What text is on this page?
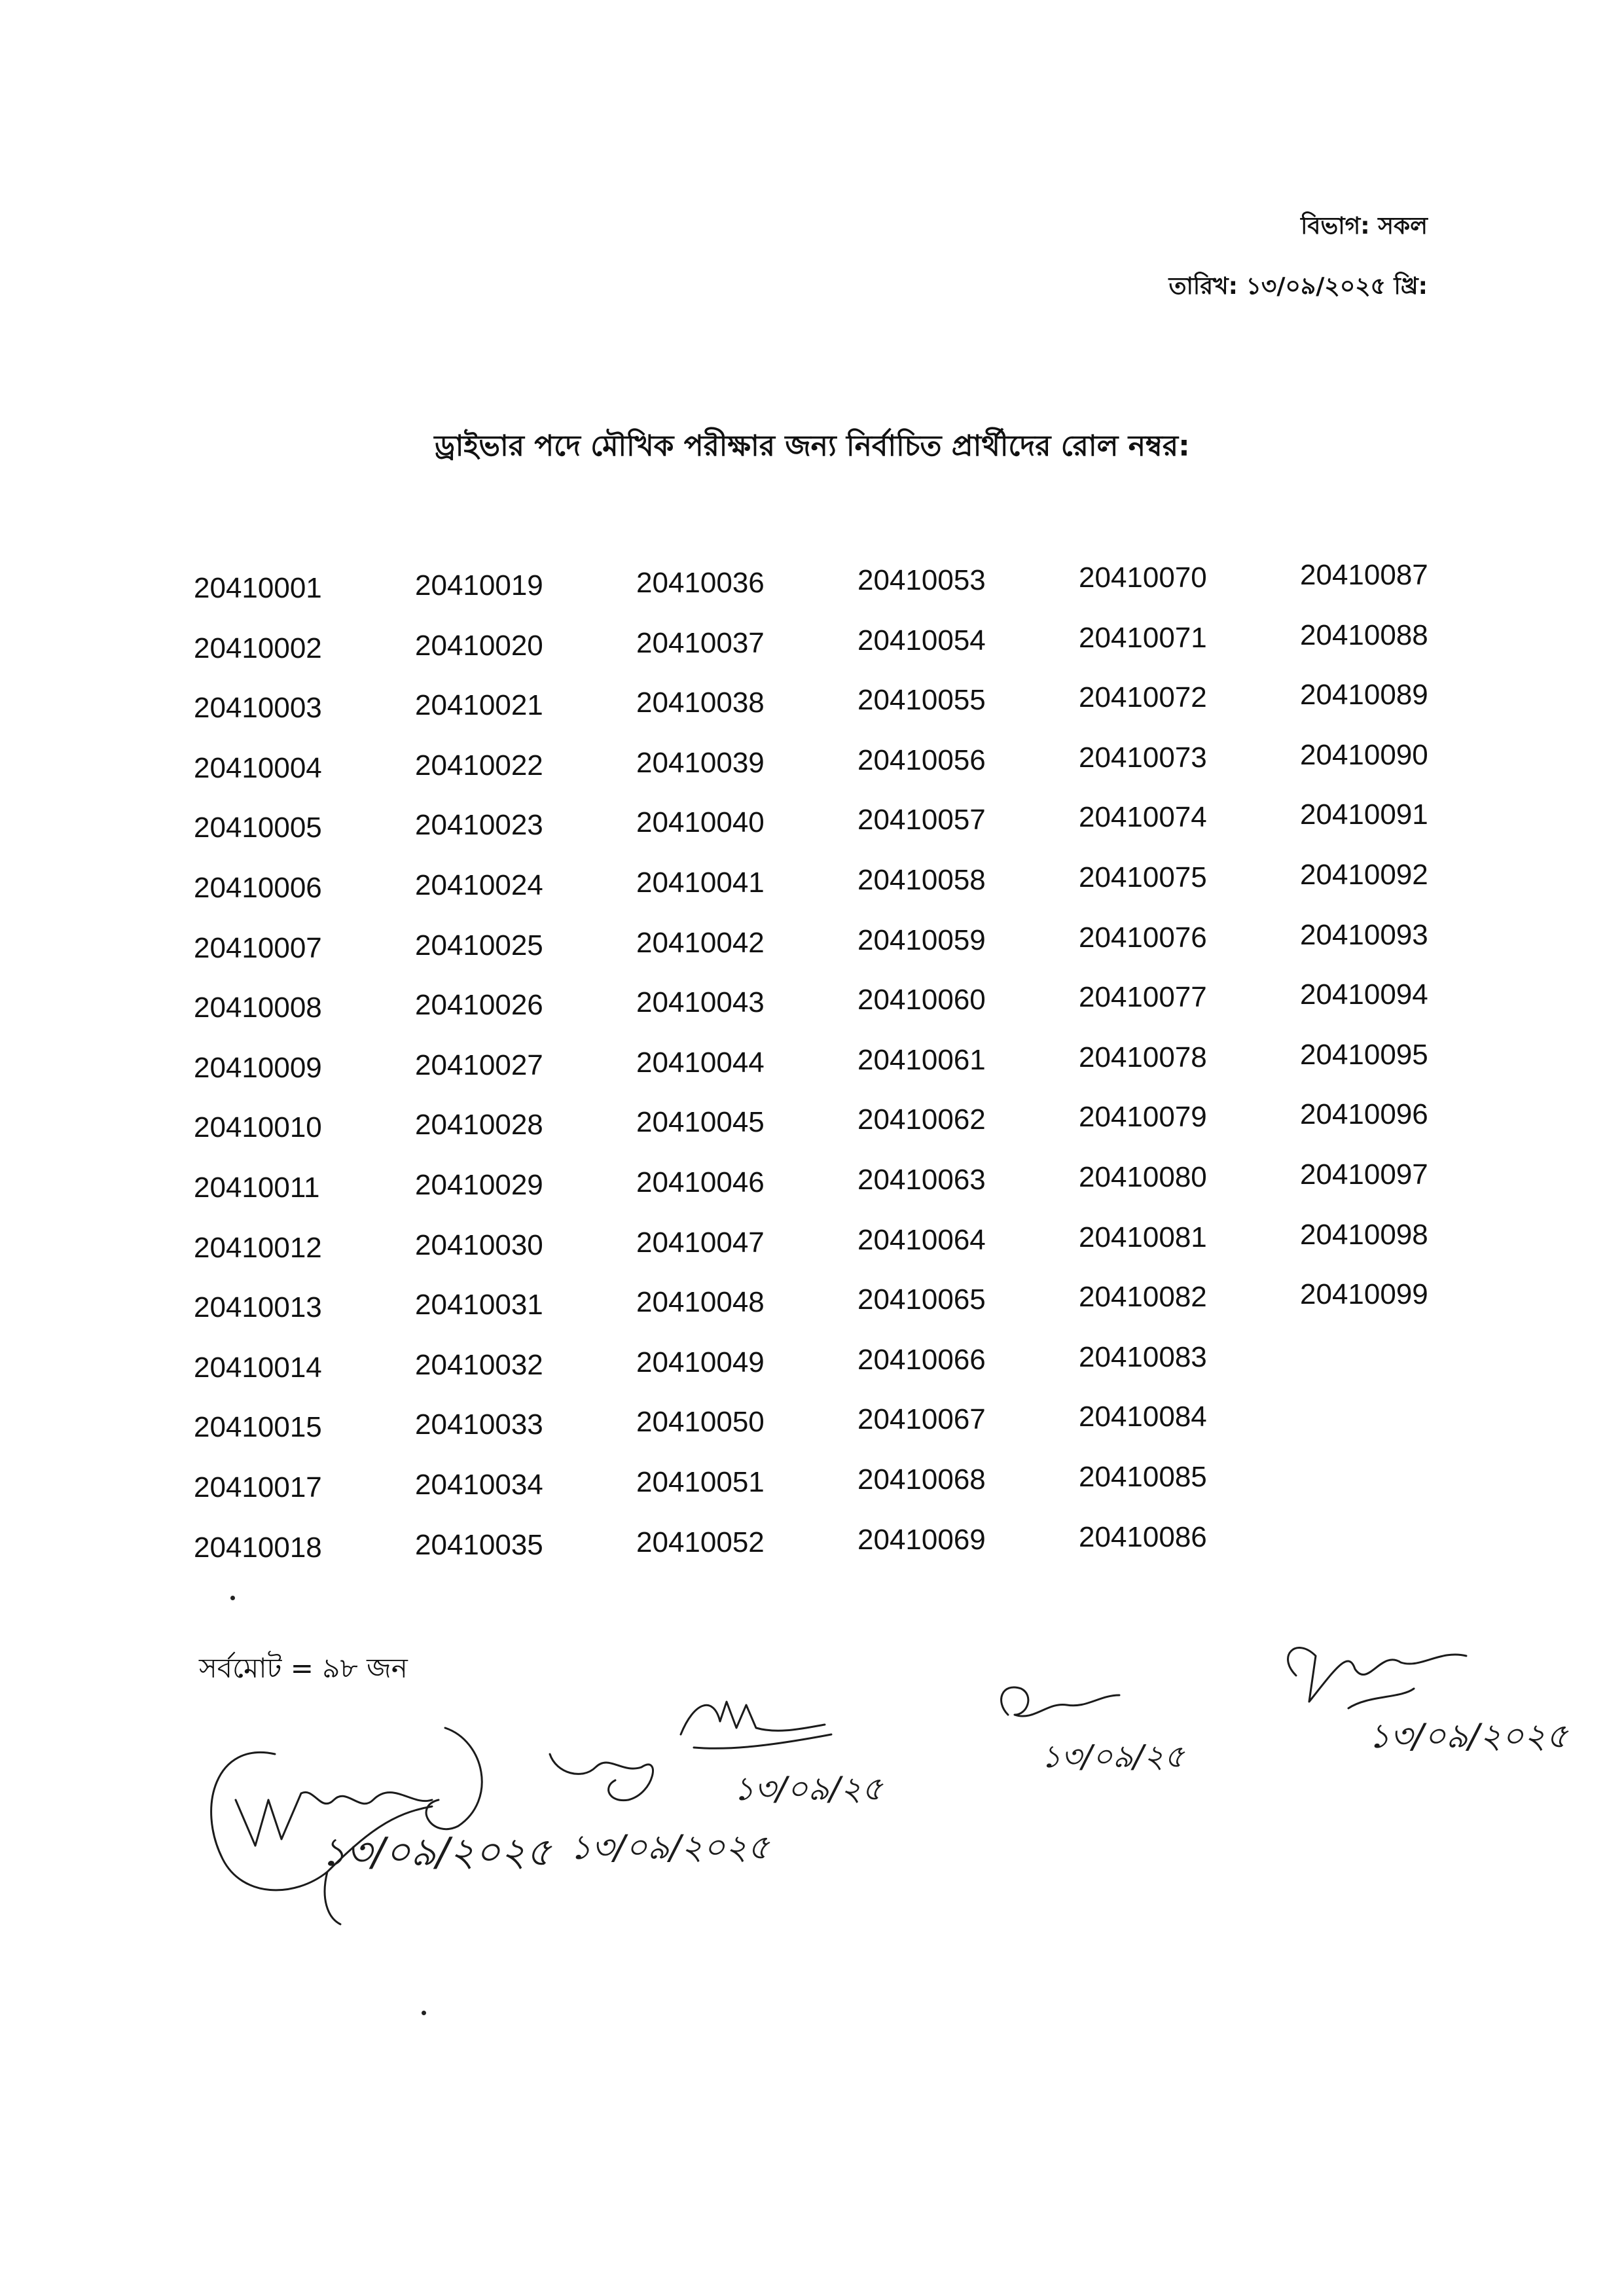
বিভাগ: সকল
তারিখ: ১৩/০৯/২০২৫ খ্রি:
ড্রাইভার পদে মৌখিক পরীক্ষার জন্য নির্বাচিত প্রার্থীদের রোল নম্বর:
20410001
20410002
20410003
20410004
20410005
20410006
20410007
20410008
20410009
20410010
20410011
20410012
20410013
20410014
20410015
20410017
20410018
20410019
20410020
20410021
20410022
20410023
20410024
20410025
20410026
20410027
20410028
20410029
20410030
20410031
20410032
20410033
20410034
20410035
20410036
20410037
20410038
20410039
20410040
20410041
20410042
20410043
20410044
20410045
20410046
20410047
20410048
20410049
20410050
20410051
20410052
20410053
20410054
20410055
20410056
20410057
20410058
20410059
20410060
20410061
20410062
20410063
20410064
20410065
20410066
20410067
20410068
20410069
20410070
20410071
20410072
20410073
20410074
20410075
20410076
20410077
20410078
20410079
20410080
20410081
20410082
20410083
20410084
20410085
20410086
20410087
20410088
20410089
20410090
20410091
20410092
20410093
20410094
20410095
20410096
20410097
20410098
20410099
সর্বমোট = ৯৮ জন
১৩/০৯/২০২৫ ১৩/০৯/২০২৫
১৩/০৯/২৫
১৩/০৯/২৫
১৩/০৯/২০২৫
